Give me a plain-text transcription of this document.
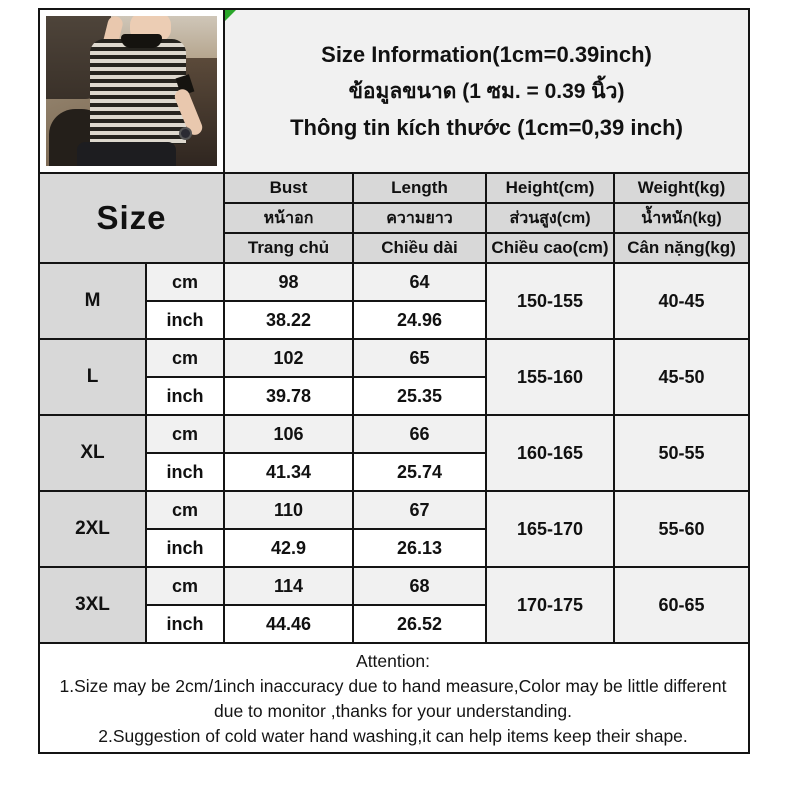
		Size Information(1cm=0.39inch)
ข้อมูลขนาด (1 ซม. = 0.39 นิ้ว)
Thông tin kích thước (1cm=0,39 inch)			

Size		Bust	Length	Height(cm)	Weight(kg)
		หน้าอก	ความยาว	ส่วนสูง(cm)	น้ำหนัก(kg)
		Trang chủ	Chiều dài	Chiều cao(cm)	Cân nặng(kg)
M	cm	98	64	150-155	40-45
	inch	38.22	24.96		
L	cm	102	65	155-160	45-50
	inch	39.78	25.35		
XL	cm	106	66	160-165	50-55
	inch	41.34	25.74		
2XL	cm	110	67	165-170	55-60
	inch	42.9	26.13		
3XL	cm	114	68	170-175	60-65
	inch	44.46	26.52		

Attention:
1.Size may be 2cm/1inch inaccuracy due to hand measure,Color may be little different due to monitor ,thanks for your understanding.
2.Suggestion of cold water hand washing,it can help items keep their shape.					
